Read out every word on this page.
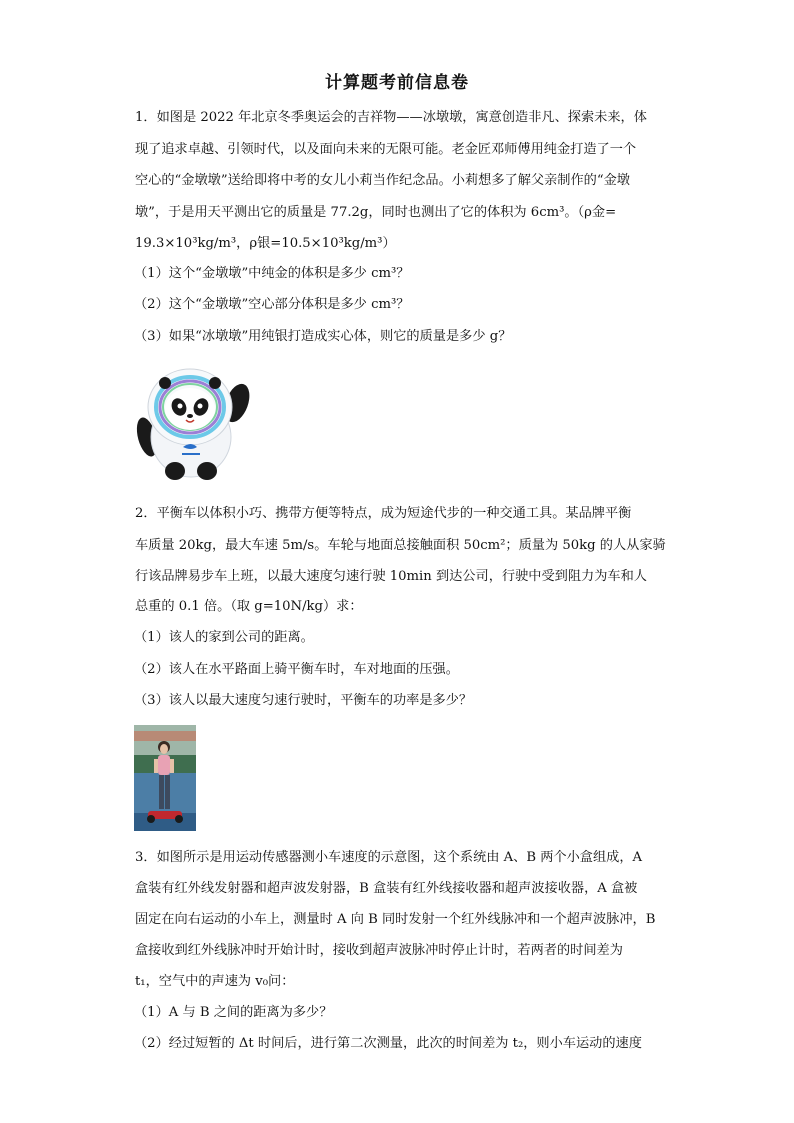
计算题考前信息卷
1．如图是 2022 年北京冬季奥运会的吉祥物——冰墩墩，寓意创造非凡、探索未来，体
现了追求卓越、引领时代，以及面向未来的无限可能。老金匠邓师傅用纯金打造了一个
空心的“金墩墩”送给即将中考的女儿小莉当作纪念品。小莉想多了解父亲制作的“金墩
墩”，于是用天平测出它的质量是 77.2g，同时也测出了它的体积为 6cm³。（ρ金=
19.3×10³kg/m³，ρ银=10.5×10³kg/m³）
（1）这个“金墩墩”中纯金的体积是多少 cm³？
（2）这个“金墩墩”空心部分体积是多少 cm³？
（3）如果“冰墩墩”用纯银打造成实心体，则它的质量是多少 g？
2．平衡车以体积小巧、携带方便等特点，成为短途代步的一种交通工具。某品牌平衡
车质量 20kg，最大车速 5m/s。车轮与地面总接触面积 50cm²；质量为 50kg 的人从家骑
行该品牌易步车上班，以最大速度匀速行驶 10min 到达公司，行驶中受到阻力为车和人
总重的 0.1 倍。（取 g=10N/kg）求：
（1）该人的家到公司的距离。
（2）该人在水平路面上骑平衡车时，车对地面的压强。
（3）该人以最大速度匀速行驶时，平衡车的功率是多少？
3．如图所示是用运动传感器测小车速度的示意图，这个系统由 A、B 两个小盒组成，A
盒装有红外线发射器和超声波发射器，B 盒装有红外线接收器和超声波接收器，A 盒被
固定在向右运动的小车上，测量时 A 向 B 同时发射一个红外线脉冲和一个超声波脉冲，B
盒接收到红外线脉冲时开始计时，接收到超声波脉冲时停止计时，若两者的时间差为
t₁，空气中的声速为 v₀问：
（1）A 与 B 之间的距离为多少？
（2）经过短暂的 Δt 时间后，进行第二次测量，此次的时间差为 t₂，则小车运动的速度
